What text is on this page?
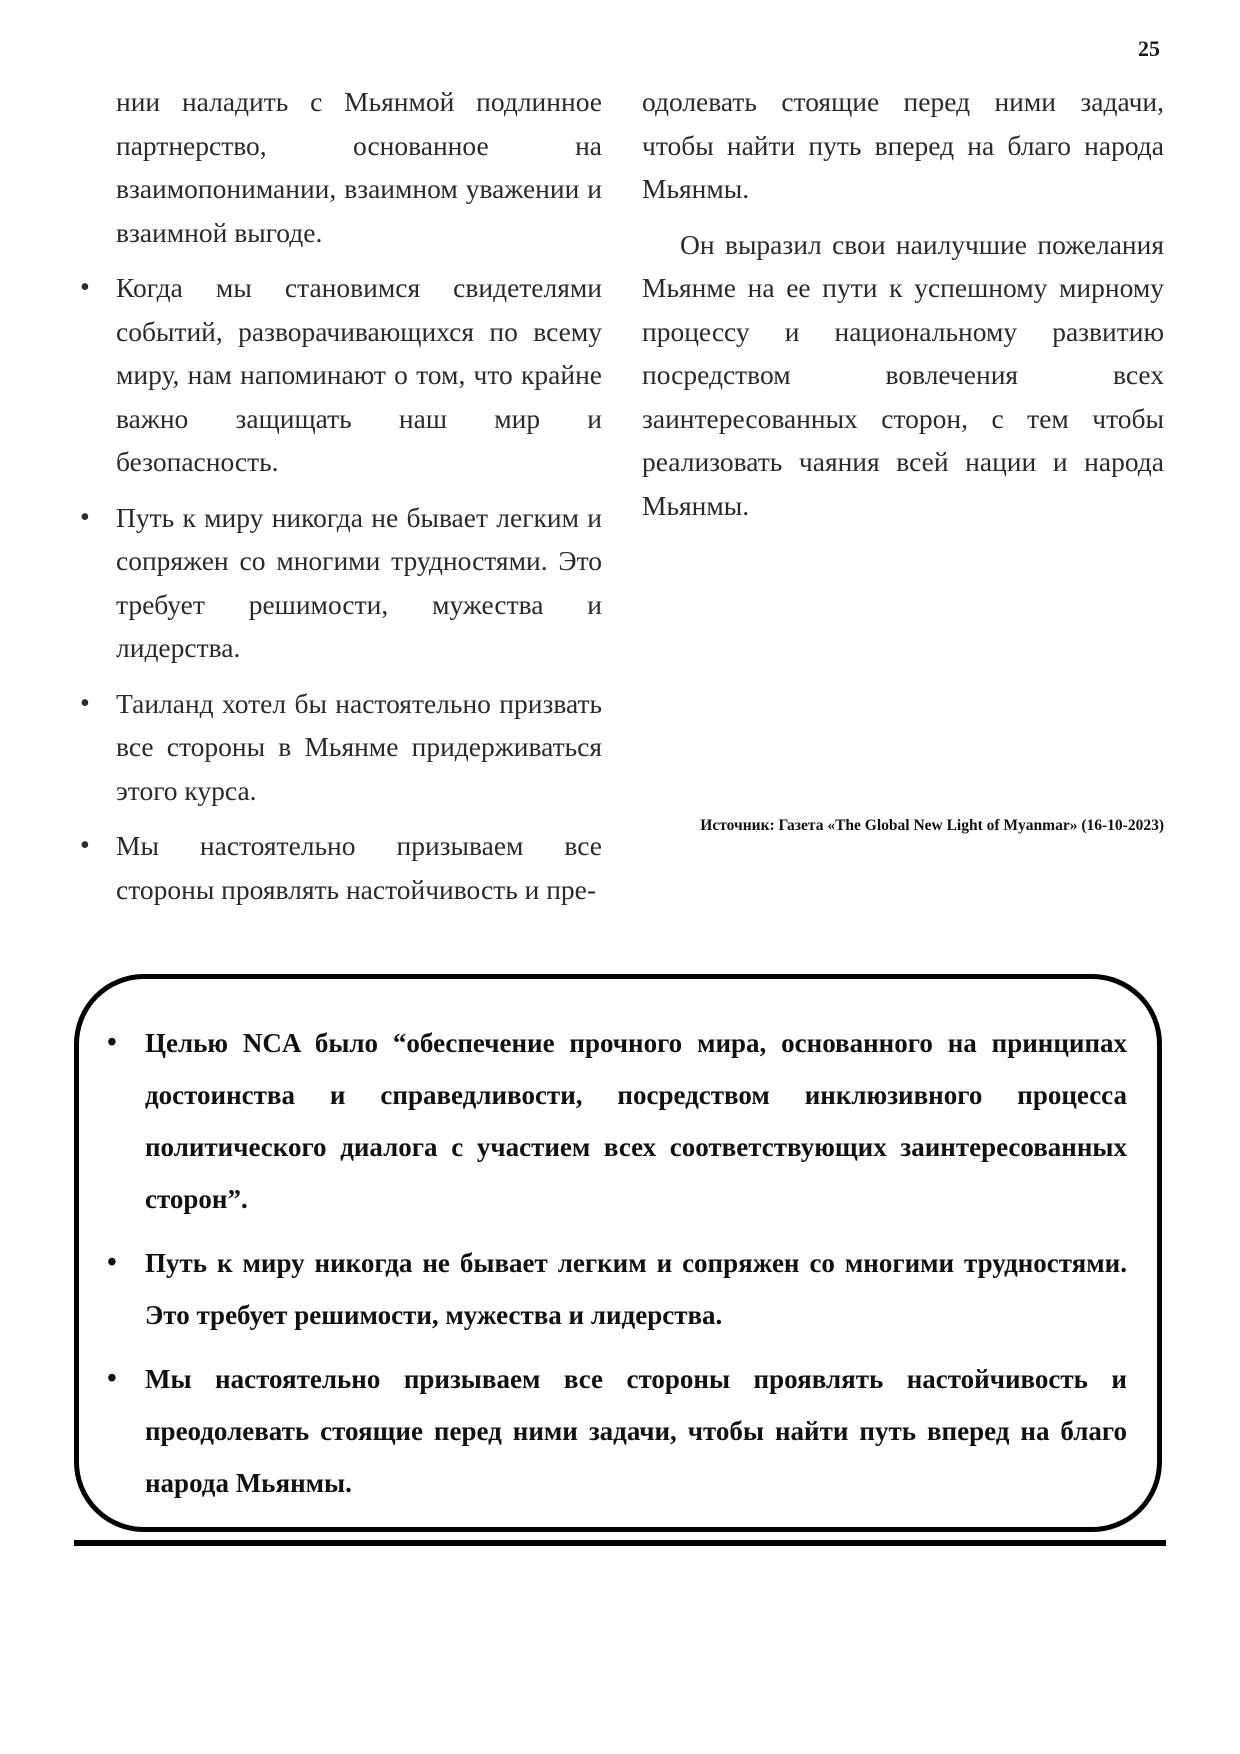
25

нии наладить с Мьянмой подлинное партнерство, основанное на взаимопонимании, взаимном уважении и взаимной выгоде.

• Когда мы становимся свидетелями событий, разворачивающихся по всему миру, нам напоминают о том, что крайне важно защищать наш мир и безопасность.
• Путь к миру никогда не бывает легким и сопряжен со многими трудностями. Это требует решимости, мужества и лидерства.
• Таиланд хотел бы настоятельно призвать все стороны в Мьянме придерживаться этого курса.
• Мы настоятельно призываем все стороны проявлять настойчивость и пре-

одолевать стоящие перед ними задачи, чтобы найти путь вперед на благо народа Мьянмы.

Он выразил свои наилучшие пожелания Мьянме на ее пути к успешному мирному процессу и национальному развитию посредством вовлечения всех заинтересованных сторон, с тем чтобы реализовать чаяния всей нации и народа Мьянмы.

Источник: Газета «The Global New Light of Myanmar» (16-10-2023)
• Целью NCA было “обеспечение прочного мира, основанного на принципах достоинства и справедливости, посредством инклюзивного процесса политического диалога с участием всех соответствующих заинтересованных сторон”.
• Путь к миру никогда не бывает легким и сопряжен со многими трудностями. Это требует решимости, мужества и лидерства.
• Мы настоятельно призываем все стороны проявлять настойчивость и преодолевать стоящие перед ними задачи, чтобы найти путь вперед на благо народа Мьянмы.
